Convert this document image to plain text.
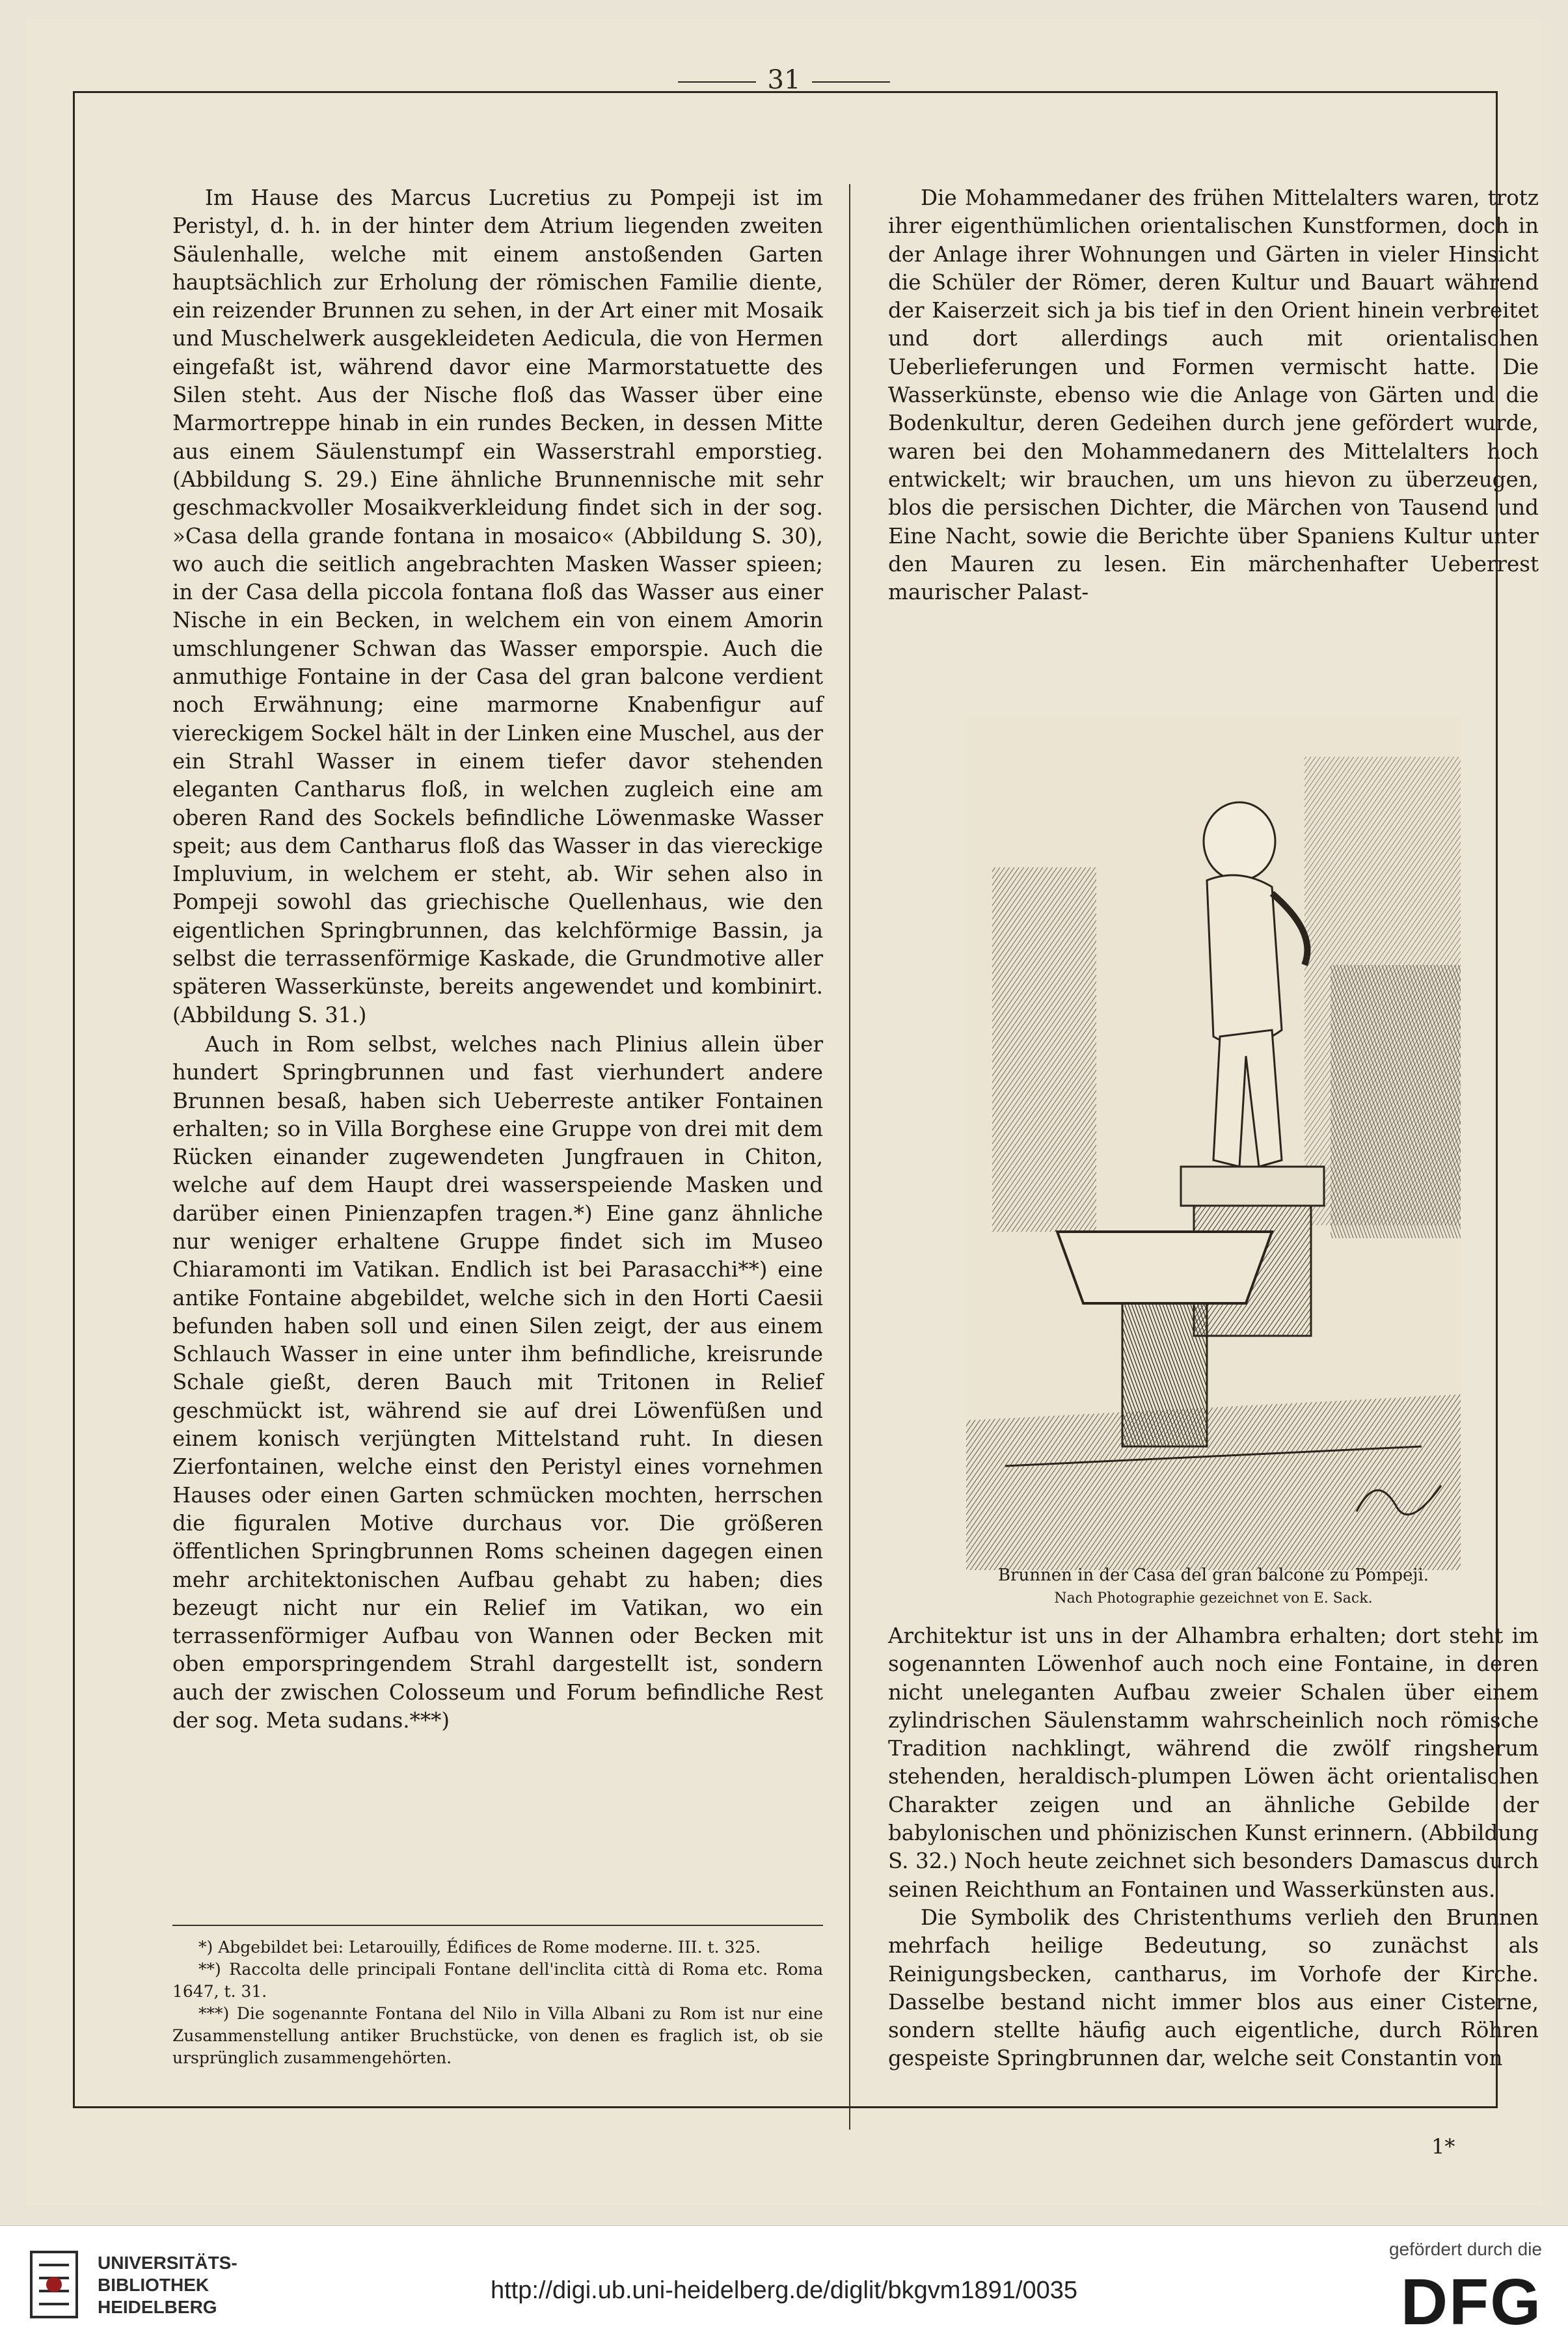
31

Im Hause des Marcus Lucretius zu Pompeji ist im Peristyl, d. h. in der hinter dem Atrium liegenden zweiten Säulenhalle, welche mit einem anstoßenden Garten hauptsächlich zur Erholung der römischen Familie diente, ein reizender Brunnen zu sehen, in der Art einer mit Mosaik und Muschelwerk ausgekleideten Aedicula, die von Hermen eingefaßt ist, während davor eine Marmorstatuette des Silen steht. Aus der Nische floß das Wasser über eine Marmortreppe hinab in ein rundes Becken, in dessen Mitte aus einem Säulenstumpf ein Wasserstrahl emporstieg. (Abbildung S. 29.) Eine ähnliche Brunnennische mit sehr geschmackvoller Mosaikverkleidung findet sich in der sog. »Casa della grande fontana in mosaico« (Abbildung S. 30), wo auch die seitlich angebrachten Masken Wasser spieen; in der Casa della piccola fontana floß das Wasser aus einer Nische in ein Becken, in welchem ein von einem Amorin umschlungener Schwan das Wasser emporspie. Auch die anmuthige Fontaine in der Casa del gran balcone verdient noch Erwähnung; eine marmorne Knabenfigur auf viereckigem Sockel hält in der Linken eine Muschel, aus der ein Strahl Wasser in einem tiefer davor stehenden eleganten Cantharus floß, in welchen zugleich eine am oberen Rand des Sockels befindliche Löwenmaske Wasser speit; aus dem Cantharus floß das Wasser in das viereckige Impluvium, in welchem er steht, ab. Wir sehen also in Pompeji sowohl das griechische Quellenhaus, wie den eigentlichen Springbrunnen, das kelchförmige Bassin, ja selbst die terrassenförmige Kaskade, die Grundmotive aller späteren Wasserkünste, bereits angewendet und kombinirt. (Abbildung S. 31.)

Auch in Rom selbst, welches nach Plinius allein über hundert Springbrunnen und fast vierhundert andere Brunnen besaß, haben sich Ueberreste antiker Fontainen erhalten; so in Villa Borghese eine Gruppe von drei mit dem Rücken einander zugewendeten Jungfrauen in Chiton, welche auf dem Haupt drei wasserspeiende Masken und darüber einen Pinienzapfen tragen.*) Eine ganz ähnliche nur weniger erhaltene Gruppe findet sich im Museo Chiaramonti im Vatikan. Endlich ist bei Parasacchi**) eine antike Fontaine abgebildet, welche sich in den Horti Caesii befunden haben soll und einen Silen zeigt, der aus einem Schlauch Wasser in eine unter ihm befindliche, kreisrunde Schale gießt, deren Bauch mit Tritonen in Relief geschmückt ist, während sie auf drei Löwenfüßen und einem konisch verjüngten Mittelstand ruht. In diesen Zierfontainen, welche einst den Peristyl eines vornehmen Hauses oder einen Garten schmücken mochten, herrschen die figuralen Motive durchaus vor. Die größeren öffentlichen Springbrunnen Roms scheinen dagegen einen mehr architektonischen Aufbau gehabt zu haben; dies bezeugt nicht nur ein Relief im Vatikan, wo ein terrassenförmiger Aufbau von Wannen oder Becken mit oben emporspringendem Strahl dargestellt ist, sondern auch der zwischen Colosseum und Forum befindliche Rest der sog. Meta sudans.***)

Die Mohammedaner des frühen Mittelalters waren, trotz ihrer eigenthümlichen orientalischen Kunstformen, doch in der Anlage ihrer Wohnungen und Gärten in vieler Hinsicht die Schüler der Römer, deren Kultur und Bauart während der Kaiserzeit sich ja bis tief in den Orient hinein verbreitet und dort allerdings auch mit orientalischen Ueberlieferungen und Formen vermischt hatte. Die Wasserkünste, ebenso wie die Anlage von Gärten und die Bodenkultur, deren Gedeihen durch jene gefördert wurde, waren bei den Mohammedanern des Mittelalters hoch entwickelt; wir brauchen, um uns hievon zu überzeugen, blos die persischen Dichter, die Märchen von Tausend und Eine Nacht, sowie die Berichte über Spaniens Kultur unter den Mauren zu lesen. Ein märchenhafter Ueberrest maurischer Palast-

Brunnen in der Casa del gran balcone zu Pompeji.
Nach Photographie gezeichnet von E. Sack.

Architektur ist uns in der Alhambra erhalten; dort steht im sogenannten Löwenhof auch noch eine Fontaine, in deren nicht uneleganten Aufbau zweier Schalen über einem zylindrischen Säulenstamm wahrscheinlich noch römische Tradition nachklingt, während die zwölf ringsherum stehenden, heraldisch-plumpen Löwen ächt orientalischen Charakter zeigen und an ähnliche Gebilde der babylonischen und phönizischen Kunst erinnern. (Abbildung S. 32.) Noch heute zeichnet sich besonders Damascus durch seinen Reichthum an Fontainen und Wasserkünsten aus.

Die Symbolik des Christenthums verlieh den Brunnen mehrfach heilige Bedeutung, so zunächst als Reinigungsbecken, cantharus, im Vorhofe der Kirche. Dasselbe bestand nicht immer blos aus einer Cisterne, sondern stellte häufig auch eigentliche, durch Röhren gespeiste Springbrunnen dar, welche seit Constantin von

*) Abgebildet bei: Letarouilly, Édifices de Rome moderne. III. t. 325.

**) Raccolta delle principali Fontane dell'inclita città di Roma etc. Roma 1647, t. 31.

***) Die sogenannte Fontana del Nilo in Villa Albani zu Rom ist nur eine Zusammenstellung antiker Bruchstücke, von denen es fraglich ist, ob sie ursprünglich zusammengehörten.

1*
UNIVERSITÄTS-
BIBLIOTHEK
HEIDELBERG
http://digi.ub.uni-heidelberg.de/diglit/bkgvm1891/0035
gefördert durch die
DFG
